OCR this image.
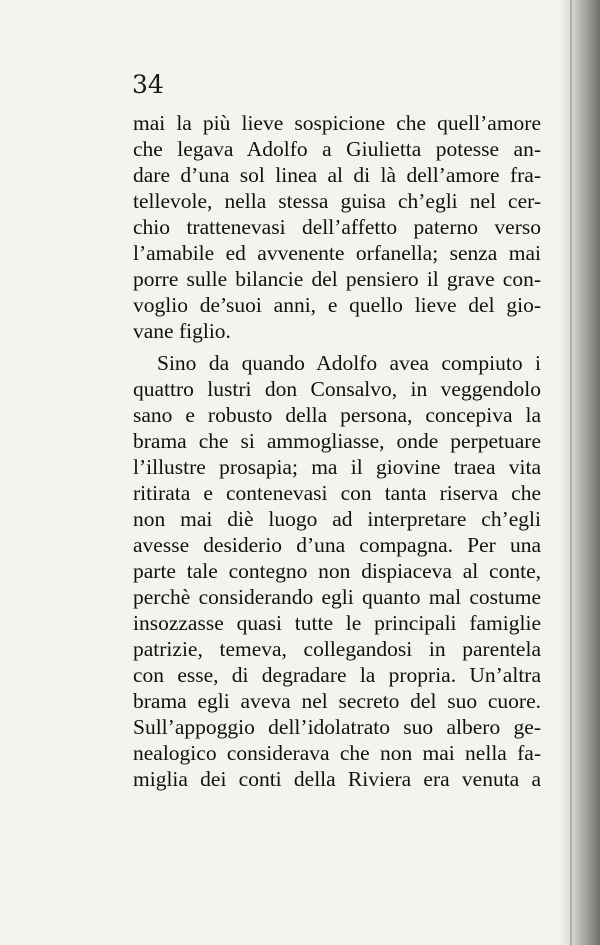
34
mai la più lieve sospicione che quell’amore
che legava Adolfo a Giulietta potesse an-
dare d’una sol linea al di là dell’amore fra-
tellevole, nella stessa guisa ch’egli nel cer-
chio trattenevasi dell’affetto paterno verso
l’amabile ed avvenente orfanella; senza mai
porre sulle bilancie del pensiero il grave con-
voglio de’suoi anni, e quello lieve del gio-
vane figlio.
Sino da quando Adolfo avea compiuto i
quattro lustri don Consalvo, in veggendolo
sano e robusto della persona, concepiva la
brama che si ammogliasse, onde perpetuare
l’illustre prosapia; ma il giovine traea vita
ritirata e contenevasi con tanta riserva che
non mai diè luogo ad interpretare ch’egli
avesse desiderio d’una compagna. Per una
parte tale contegno non dispiaceva al conte,
perchè considerando egli quanto mal costume
insozzasse quasi tutte le principali famiglie
patrizie, temeva, collegandosi in parentela
con esse, di degradare la propria. Un’altra
brama egli aveva nel secreto del suo cuore.
Sull’appoggio dell’idolatrato suo albero ge-
nealogico considerava che non mai nella fa-
miglia dei conti della Riviera era venuta a
